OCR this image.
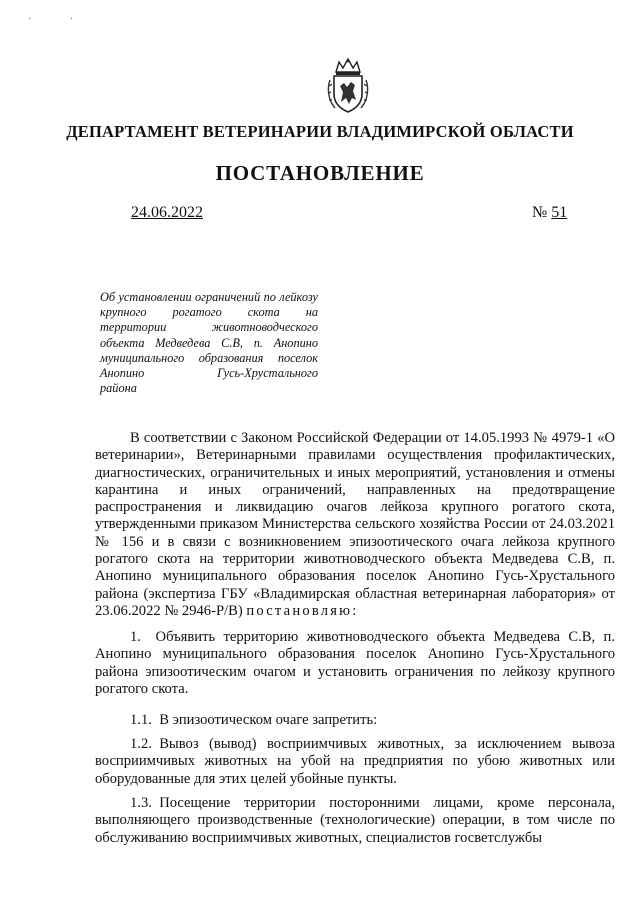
· ·
ДЕПАРТАМЕНТ ВЕТЕРИНАРИИ ВЛАДИМИРСКОЙ ОБЛАСТИ
ПОСТАНОВЛЕНИЕ
24.06.2022	№ 51
Об установлении ограничений по лейкозу крупного рогатого скота на территории животноводческого объекта Медведева С.В, п. Анопино муниципального образования поселок Анопино Гусь-Хрустального
района
В соответствии с Законом Российской Федерации от 14.05.1993 № 4979-1 «О ветеринарии», Ветеринарными правилами осуществления профилактических, диагностических, ограничительных и иных мероприятий, установления и отмены карантина и иных ограничений, направленных на предотвращение распространения и ликвидацию очагов лейкоза крупного рогатого скота, утвержденными приказом Министерства сельского хозяйства России от 24.03.2021 № 156 и в связи с возникновением эпизоотического очага лейкоза крупного рогатого скота на территории животноводческого объекта Медведева С.В, п. Анопино муниципального образования поселок Анопино Гусь-Хрустального района (экспертиза ГБУ «Владимирская областная ветеринарная лаборатория» от 23.06.2022 № 2946-Р/В) постановляю:
1. Объявить территорию животноводческого объекта Медведева С.В, п. Анопино муниципального образования поселок Анопино Гусь-Хрустального района эпизоотическим очагом и установить ограничения по лейкозу крупного рогатого скота.
1.1. В эпизоотическом очаге запретить:
1.2. Вывоз (вывод) восприимчивых животных, за исключением вывоза восприимчивых животных на убой на предприятия по убою животных или оборудованные для этих целей убойные пункты.
1.3. Посещение территории посторонними лицами, кроме персонала, выполняющего производственные (технологические) операции, в том числе по обслуживанию восприимчивых животных, специалистов госветслужбы
